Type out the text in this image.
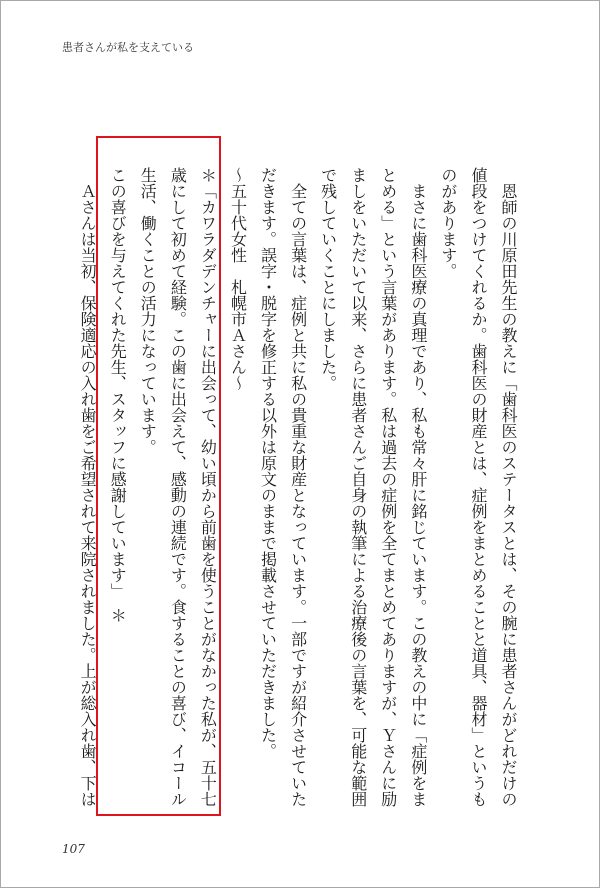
患者さんが私を支えている
恩師の川原田先生の教えに「歯科医のステータスとは、その腕に患者さんがどれだけの
値段をつけてくれるか。歯科医の財産とは、症例をまとめることと道具、器材」というも
のがあります。
まさに歯科医療の真理であり、私も常々肝に銘じています。この教えの中に「症例をま
とめる」という言葉があります。私は過去の症例を全てまとめてありますが、Ｙさんに励
ましをいただいて以来、さらに患者さんご自身の執筆による治療後の言葉を、可能な範囲
で残していくことにしました。
全ての言葉は、症例と共に私の貴重な財産となっています。一部ですが紹介させていた
だきます。誤字・脱字を修正する以外は原文のままで掲載させていただきました。
～五十代女性　札幌市Ａさん～
＊「カワラダデンチャーに出会って、幼い頃から前歯を使うことがなかった私が、五十七
歳にして初めて経験。この歯に出会えて、感動の連続です。食することの喜び、イコール
生活、働くことの活力になっています。
この喜びを与えてくれた先生、スタッフに感謝しています」　＊
Ａさんは当初、保険適応の入れ歯をご希望されて来院されました。上が総入れ歯、下は
107
